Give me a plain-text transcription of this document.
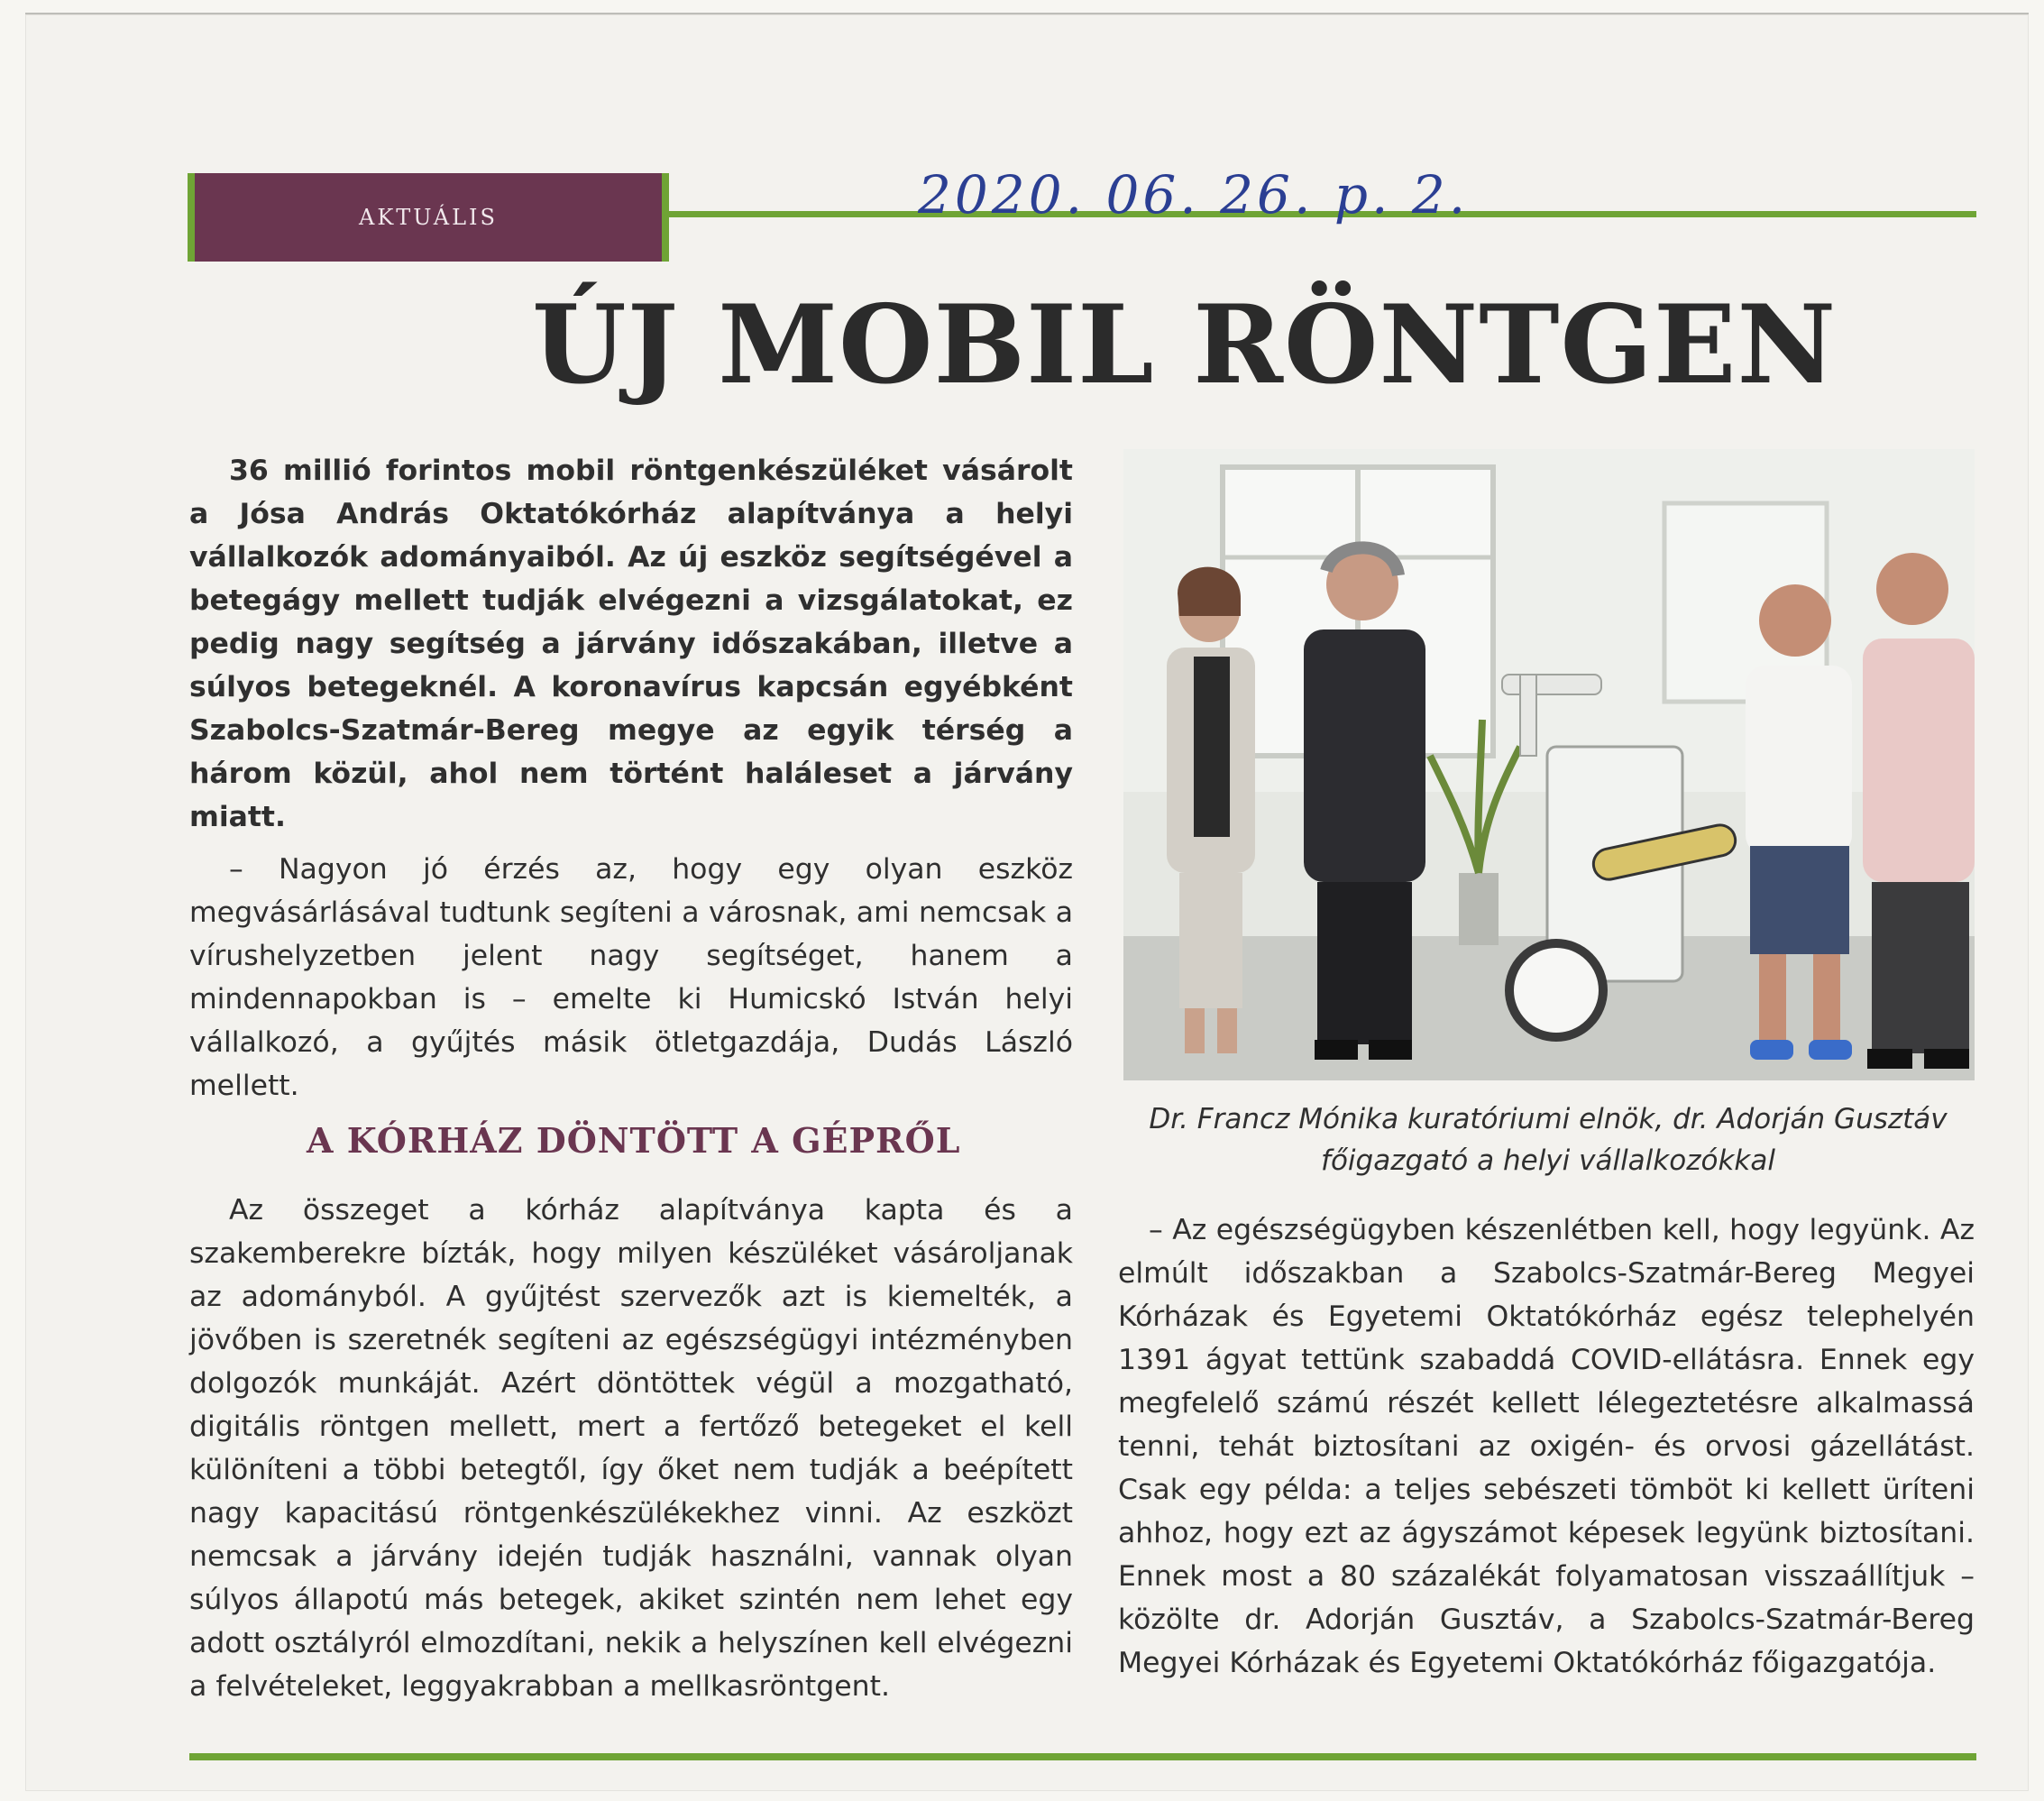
AKTUÁLIS	2020. 06. 26. p. 2.
ÚJ MOBIL RÖNTGEN

36 millió forintos mobil röntgenkészüléket vásárolt a Jósa András Oktatókórház alapítványa a helyi vállalkozók adományaiból. Az új eszköz segítségével a betegágy mellett tudják elvégezni a vizsgálatokat, ez pedig nagy segítség a járvány időszakában, illetve a súlyos betegeknél. A koronavírus kapcsán egyébként Szabolcs-Szatmár-Bereg megye az egyik térség a három közül, ahol nem történt haláleset a járvány miatt.

– Nagyon jó érzés az, hogy egy olyan eszköz megvásárlásával tudtunk segíteni a városnak, ami nemcsak a vírushelyzetben jelent nagy segítséget, hanem a mindennapokban is – emelte ki Humicskó István helyi vállalkozó, a gyűjtés másik ötletgazdája, Dudás László mellett.

A KÓRHÁZ DÖNTÖTT A GÉPRŐL

Az összeget a kórház alapítványa kapta és a szakemberekre bízták, hogy milyen készüléket vásároljanak az adományból. A gyűjtést szervezők azt is kiemelték, a jövőben is szeretnék segíteni az egészségügyi intézményben dolgozók munkáját. Azért döntöttek végül a mozgatható, digitális röntgen mellett, mert a fertőző betegeket el kell különíteni a többi betegtől, így őket nem tudják a beépített nagy kapacitású röntgenkészülékekhez vinni. Az eszközt nemcsak a járvány idején tudják használni, vannak olyan súlyos állapotú más betegek, akiket szintén nem lehet egy adott osztályról elmozdítani, nekik a helyszínen kell elvégezni a felvételeket, leggyakrabban a mellkasröntgent.

Dr. Francz Mónika kuratóriumi elnök, dr. Adorján Gusztáv főigazgató a helyi vállalkozókkal

– Az egészségügyben készenlétben kell, hogy legyünk. Az elmúlt időszakban a Szabolcs-Szatmár-Bereg Megyei Kórházak és Egyetemi Oktatókórház egész telephelyén 1391 ágyat tettünk szabaddá COVID-ellátásra. Ennek egy megfelelő számú részét kellett lélegeztetésre alkalmassá tenni, tehát biztosítani az oxigén- és orvosi gázellátást. Csak egy példa: a teljes sebészeti tömböt ki kellett üríteni ahhoz, hogy ezt az ágyszámot képesek legyünk biztosítani. Ennek most a 80 százalékát folyamatosan visszaállítjuk – közölte dr. Adorján Gusztáv, a Szabolcs-Szatmár-Bereg Megyei Kórházak és Egyetemi Oktatókórház főigazgatója.
